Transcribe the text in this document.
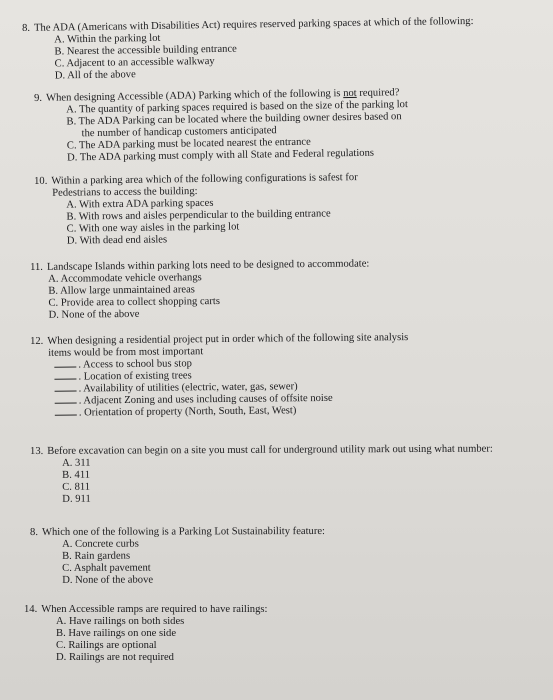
8. The ADA (Americans with Disabilities Act) requires reserved parking spaces at which of the following:

A. Within the parking lot

B. Nearest the accessible building entrance

C. Adjacent to an accessible walkway

D. All of the above

9. When designing Accessible (ADA) Parking which of the following is not required?

A. The quantity of parking spaces required is based on the size of the parking lot

B. The ADA Parking can be located where the building owner desires based on

the number of handicap customers anticipated

C. The ADA parking must be located nearest the entrance

D. The ADA parking must comply with all State and Federal regulations

10. Within a parking area which of the following configurations is safest for

Pedestrians to access the building:

A. With extra ADA parking spaces

B. With rows and aisles perpendicular to the building entrance

C. With one way aisles in the parking lot

D. With dead end aisles

11. Landscape Islands within parking lots need to be designed to accommodate:

A. Accommodate vehicle overhangs

B. Allow large unmaintained areas

C. Provide area to collect shopping carts

D. None of the above

12. When designing a residential project put in order which of the following site analysis

items would be from most important

. Access to school bus stop

. Location of existing trees

. Availability of utilities (electric, water, gas, sewer)

. Adjacent Zoning and uses including causes of offsite noise

. Orientation of property (North, South, East, West)

13. Before excavation can begin on a site you must call for underground utility mark out using what number:

A. 311

B. 411

C. 811

D. 911

8. Which one of the following is a Parking Lot Sustainability feature:

A. Concrete curbs

B. Rain gardens

C. Asphalt pavement

D. None of the above

14. When Accessible ramps are required to have railings:

A. Have railings on both sides

B. Have railings on one side

C. Railings are optional

D. Railings are not required
